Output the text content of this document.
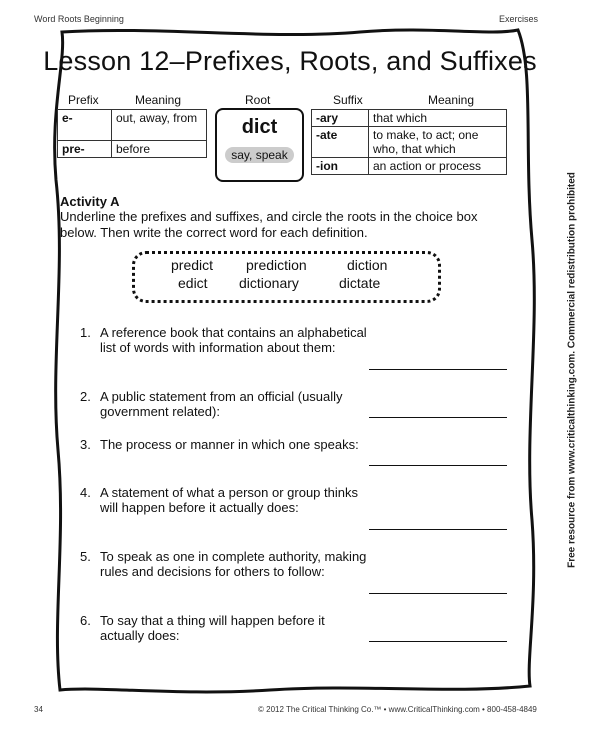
Word Roots Beginning	Exercises
Lesson 12–Prefixes, Roots, and Suffixes
Prefix	Meaning
e-	out, away, from
pre-	before
Root
dict
say, speak
Suffix	Meaning
-ary	that which
-ate	to make, to act; one who, that which
-ion	an action or process
Activity A
Underline the prefixes and suffixes, and circle the roots in the choice box below. Then write the correct word for each definition.
predict prediction	diction
edict dictionary	dictate
1. A reference book that contains an alphabetical list of words with information about them:
2. A public statement from an official (usually government related):
3. The process or manner in which one speaks:
4. A statement of what a person or group thinks will happen before it actually does:
5. To speak as one in complete authority, making rules and decisions for others to follow:
6. To say that a thing will happen before it actually does:
Free resource from www.criticalthinking.com. Commercial redistribution prohibited
34	© 2012 The Critical Thinking Co.™ • www.CriticalThinking.com • 800-458-4849
